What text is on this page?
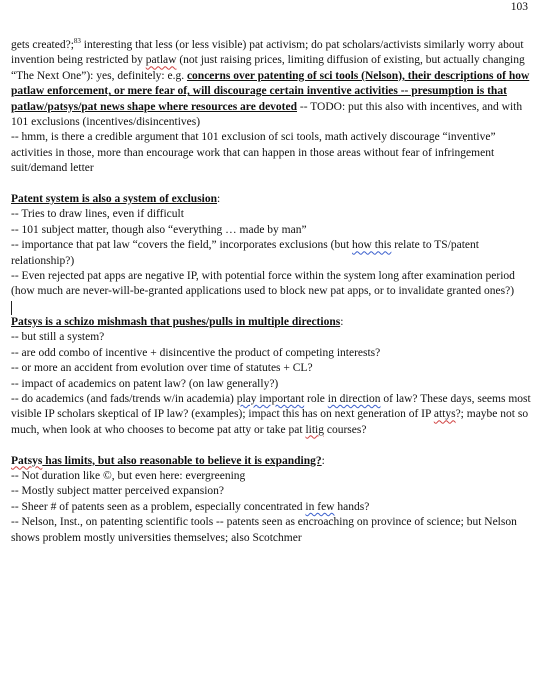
103

gets created?;$^{83}$ interesting that less (or less visible) pat activism; do pat scholars/activists similarly worry about invention being restricted by patlaw (not just raising prices, limiting diffusion of existing, but actually changing “The Next One”): yes, definitely: e.g. concerns over patenting of sci tools (Nelson), their descriptions of how patlaw enforcement, or mere fear of, will discourage certain inventive activities -- presumption is that patlaw/patsys/pat news shape where resources are devoted -- TODO: put this also with incentives, and with 101 exclusions (incentives/disincentives)

-- hmm, is there a credible argument that 101 exclusion of sci tools, math actively discourage “inventive” activities in those, more than encourage work that can happen in those areas without fear of infringement suit/demand letter

Patent system is also a system of exclusion:

-- Tries to draw lines, even if difficult

-- 101 subject matter, though also “everything … made by man”

-- importance that pat law “covers the field,” incorporates exclusions (but how this relate to TS/patent relationship?)

-- Even rejected pat apps are negative IP, with potential force within the system long after examination period (how much are never-will-be-granted applications used to block new pat apps, or to invalidate granted ones?)

Patsys is a schizo mishmash that pushes/pulls in multiple directions:

-- but still a system?

-- are odd combo of incentive + disincentive the product of competing interests?

-- or more an accident from evolution over time of statutes + CL?

-- impact of academics on patent law? (on law generally?)

-- do academics (and fads/trends w/in academia) play important role in direction of law? These days, seems most visible IP scholars skeptical of IP law? (examples); impact this has on next generation of IP attys?; maybe not so much, when look at who chooses to become pat atty or take pat litig courses?

Patsys has limits, but also reasonable to believe it is expanding?:

-- Not duration like ©, but even here: evergreening

-- Mostly subject matter perceived expansion?

-- Sheer # of patents seen as a problem, especially concentrated in few hands?

-- Nelson, Inst., on patenting scientific tools -- patents seen as encroaching on province of science; but Nelson shows problem mostly universities themselves; also Scotchmer
